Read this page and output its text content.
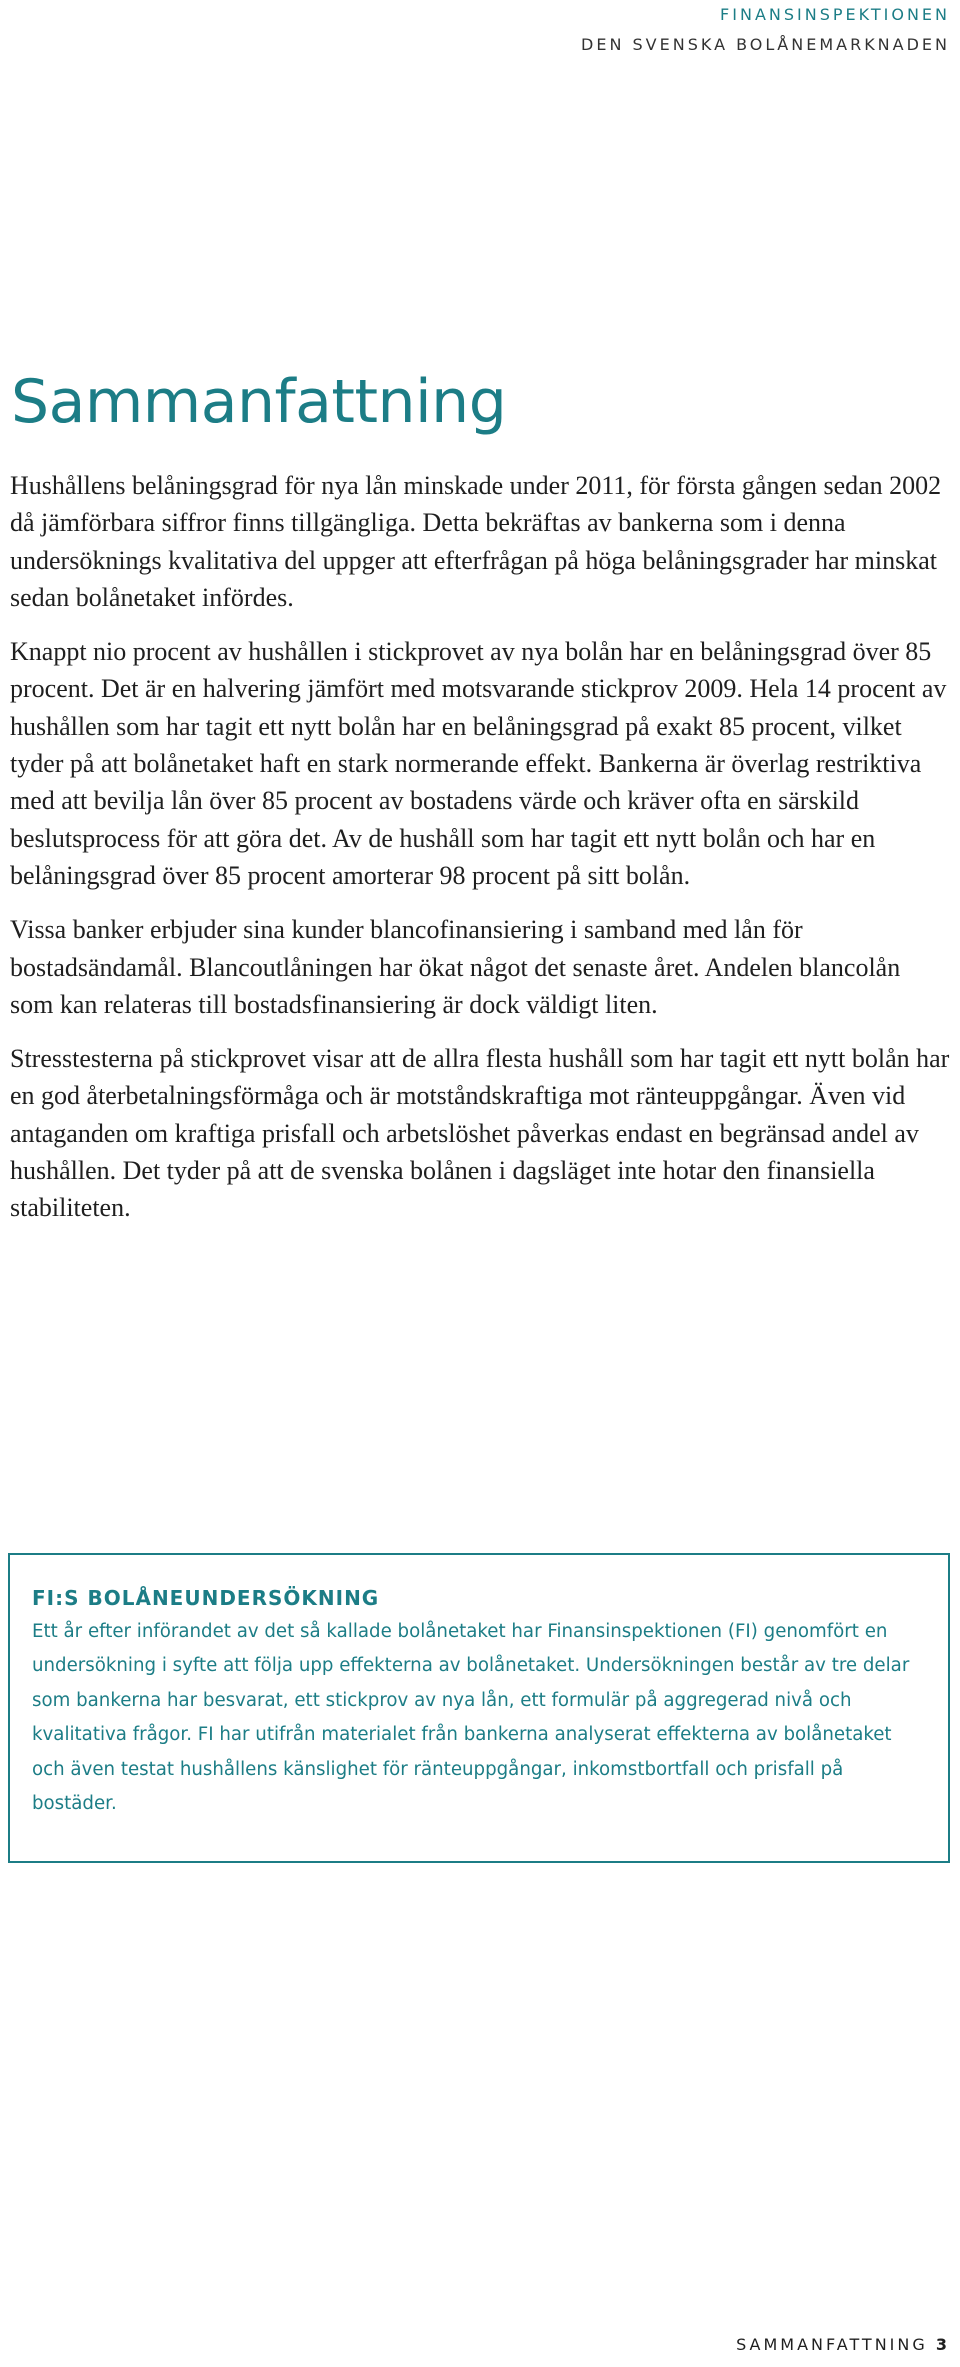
FINANSINSPEKTIONEN
DEN SVENSKA BOLÅNEMARKNADEN
Sammanfattning

Hushållens belåningsgrad för nya lån minskade under 2011, för första gången sedan 2002 då jämförbara siffror finns tillgängliga. Detta bekräftas av bankerna som i denna undersöknings kvalitativa del uppger att efterfrågan på höga belåningsgrader har minskat sedan bolånetaket infördes.

Knappt nio procent av hushållen i stickprovet av nya bolån har en belåningsgrad över 85 procent. Det är en halvering jämfört med motsvarande stickprov 2009. Hela 14 procent av hushållen som har tagit ett nytt bolån har en belåningsgrad på exakt 85 procent, vilket tyder på att bolånetaket haft en stark normerande effekt. Bankerna är överlag restriktiva med att bevilja lån över 85 procent av bostadens värde och kräver ofta en särskild beslutsprocess för att göra det. Av de hushåll som har tagit ett nytt bolån och har en belåningsgrad över 85 procent amorterar 98 procent på sitt bolån.

Vissa banker erbjuder sina kunder blancofinansiering i samband med lån för bostadsändamål. Blancoutlåningen har ökat något det senaste året. Andelen blancolån som kan relateras till bostadsfinansiering är dock väldigt liten.

Stresstesterna på stickprovet visar att de allra flesta hushåll som har tagit ett nytt bolån har en god återbetalningsförmåga och är motståndskraftiga mot ränteuppgångar. Även vid antaganden om kraftiga prisfall och arbetslöshet påverkas endast en begränsad andel av hushållen. Det tyder på att de svenska bolånen i dagsläget inte hotar den finansiella stabiliteten.

FI:S BOLÅNEUNDERSÖKNING

Ett år efter införandet av det så kallade bolånetaket har Finansinspektionen (FI) genomfört en undersökning i syfte att följa upp effekterna av bolånetaket. Undersökningen består av tre delar som bankerna har besvarat, ett stickprov av nya lån, ett formulär på aggregerad nivå och kvalitativa frågor. FI har utifrån materialet från bankerna analyserat effekterna av bolånetaket och även testat hushållens känslighet för ränteuppgångar, inkomstbortfall och prisfall på bostäder.

SAMMANFATTNING 3
